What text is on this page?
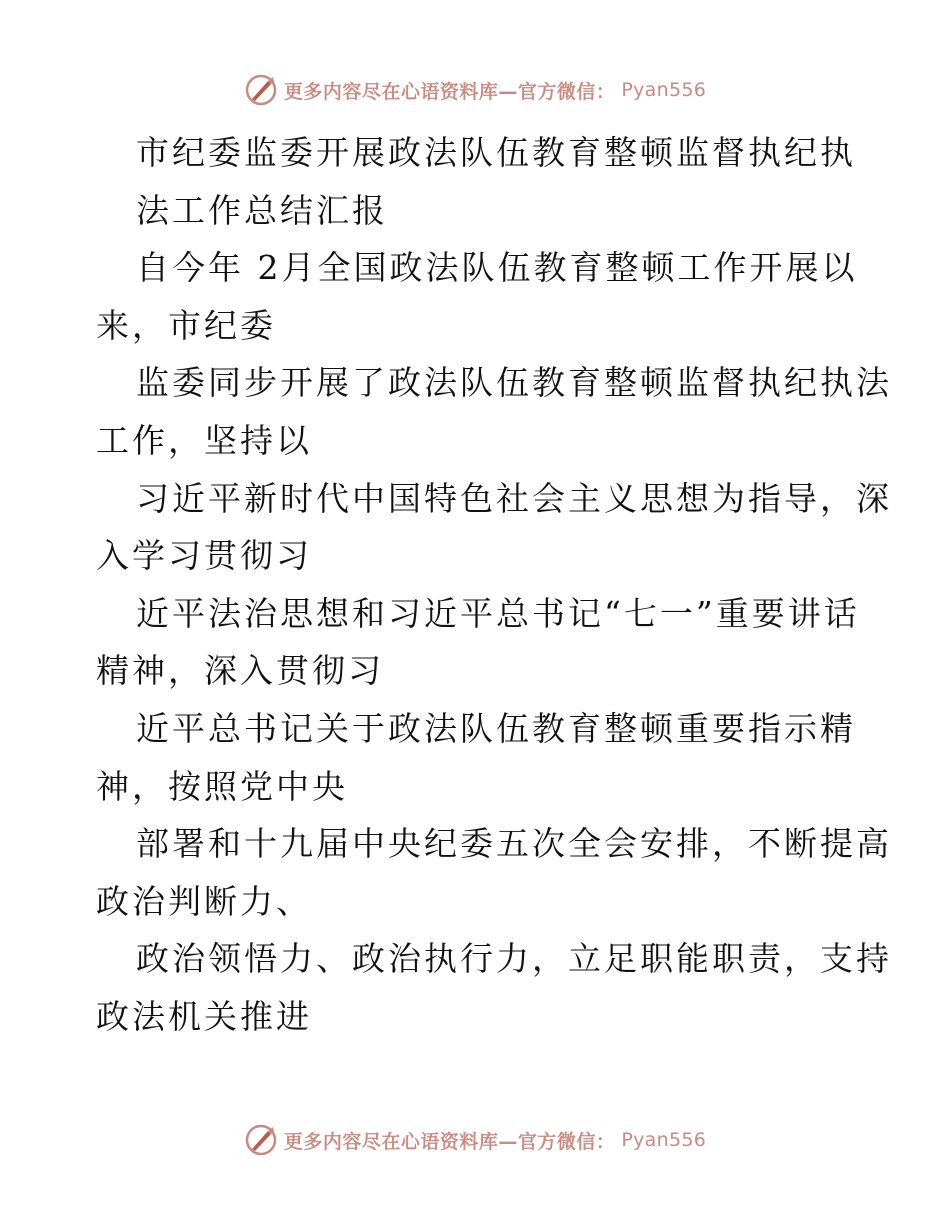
更多内容尽在心语资料库—官方微信： Pyan556
市纪委监委开展政法队伍教育整顿监督执纪执
法工作总结汇报
自今年 2月全国政法队伍教育整顿工作开展以
来，市纪委
监委同步开展了政法队伍教育整顿监督执纪执法
工作，坚持以
习近平新时代中国特色社会主义思想为指导，深
入学习贯彻习
近平法治思想和习近平总书记“七一”重要讲话
精神，深入贯彻习
近平总书记关于政法队伍教育整顿重要指示精
神，按照党中央
部署和十九届中央纪委五次全会安排，不断提高
政治判断力、
政治领悟力、政治执行力，立足职能职责，支持
政法机关推进
更多内容尽在心语资料库—官方微信： Pyan556
